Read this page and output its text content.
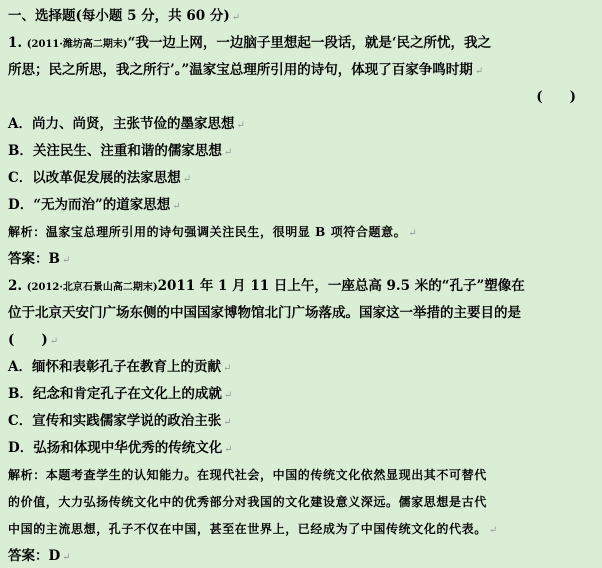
一、选择题(每小题 5 分，共 60 分) ↵
1. (2011·潍坊高二期末)“我一边上网，一边脑子里想起一段话，就是‘民之所忧，我之
所思；民之所思，我之所行’。”温家宝总理所引用的诗句，体现了百家争鸣时期 ↵
(　　)
A．尚力、尚贤，主张节俭的墨家思想 ↵
B．关注民生、注重和谐的儒家思想 ↵
C．以改革促发展的法家思想 ↵
D．“无为而治”的道家思想 ↵
解析：温家宝总理所引用的诗句强调关注民生，很明显 B 项符合题意。 ↵
答案：B ↵
2. (2012·北京石景山高二期末)2011 年 1 月 11 日上午，一座总高 9.5 米的“孔子”塑像在
位于北京天安门广场东侧的中国国家博物馆北门广场落成。国家这一举措的主要目的是
(　　) ↵
A．缅怀和表彰孔子在教育上的贡献 ↵
B．纪念和肯定孔子在文化上的成就 ↵
C．宣传和实践儒家学说的政治主张 ↵
D．弘扬和体现中华优秀的传统文化 ↵
解析：本题考查学生的认知能力。在现代社会，中国的传统文化依然显现出其不可替代
的价值，大力弘扬传统文化中的优秀部分对我国的文化建设意义深远。儒家思想是古代
中国的主流思想，孔子不仅在中国，甚至在世界上，已经成为了中国传统文化的代表。 ↵
答案：D ↵
